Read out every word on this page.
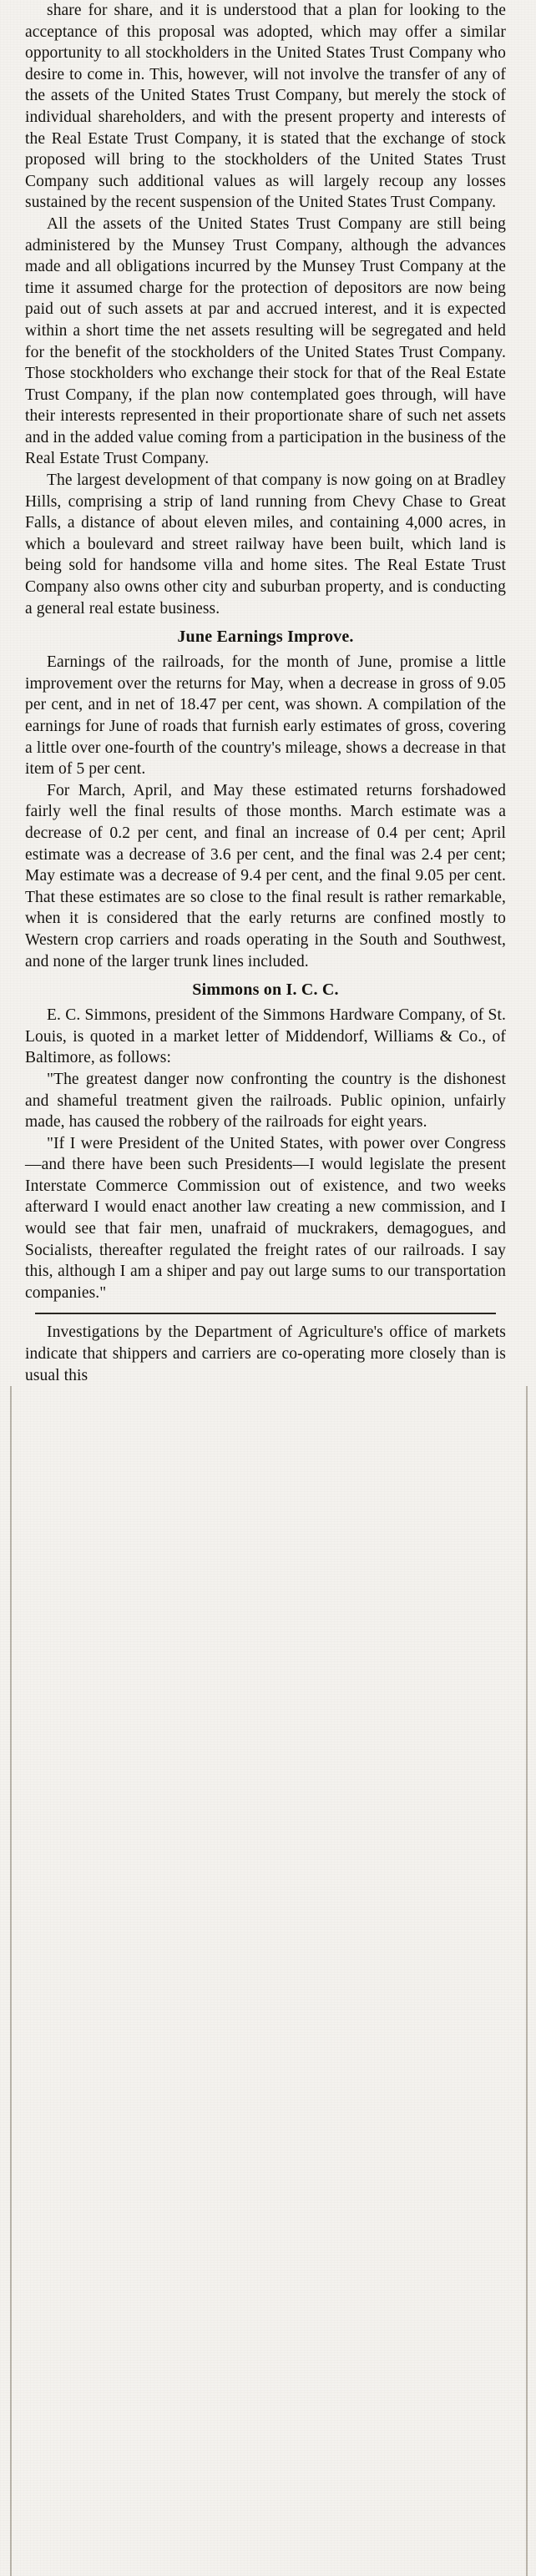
share for share, and it is understood that a plan for looking to the acceptance of this proposal was adopted, which may offer a similar opportunity to all stockholders in the United States Trust Company who desire to come in. This, however, will not involve the transfer of any of the assets of the United States Trust Company, but merely the stock of individual shareholders, and with the present property and interests of the Real Estate Trust Company, it is stated that the exchange of stock proposed will bring to the stockholders of the United States Trust Company such additional values as will largely recoup any losses sustained by the recent suspension of the United States Trust Company.

All the assets of the United States Trust Company are still being administered by the Munsey Trust Company, although the advances made and all obligations incurred by the Munsey Trust Company at the time it assumed charge for the protection of depositors are now being paid out of such assets at par and accrued interest, and it is expected within a short time the net assets resulting will be segregated and held for the benefit of the stockholders of the United States Trust Company. Those stockholders who exchange their stock for that of the Real Estate Trust Company, if the plan now contemplated goes through, will have their interests represented in their proportionate share of such net assets and in the added value coming from a participation in the business of the Real Estate Trust Company.

The largest development of that company is now going on at Bradley Hills, comprising a strip of land running from Chevy Chase to Great Falls, a distance of about eleven miles, and containing 4,000 acres, in which a boulevard and street railway have been built, which land is being sold for handsome villa and home sites. The Real Estate Trust Company also owns other city and suburban property, and is conducting a general real estate business.

June Earnings Improve.

Earnings of the railroads, for the month of June, promise a little improvement over the returns for May, when a decrease in gross of 9.05 per cent, and in net of 18.47 per cent, was shown. A compilation of the earnings for June of roads that furnish early estimates of gross, covering a little over one-fourth of the country's mileage, shows a decrease in that item of 5 per cent.

For March, April, and May these estimated returns forshadowed fairly well the final results of those months. March estimate was a decrease of 0.2 per cent, and final an increase of 0.4 per cent; April estimate was a decrease of 3.6 per cent, and the final was 2.4 per cent; May estimate was a decrease of 9.4 per cent, and the final 9.05 per cent. That these estimates are so close to the final result is rather remarkable, when it is considered that the early returns are confined mostly to Western crop carriers and roads operating in the South and Southwest, and none of the larger trunk lines included.

Simmons on I. C. C.

E. C. Simmons, president of the Simmons Hardware Company, of St. Louis, is quoted in a market letter of Middendorf, Williams & Co., of Baltimore, as follows:

"The greatest danger now confronting the country is the dishonest and shameful treatment given the railroads. Public opinion, unfairly made, has caused the robbery of the railroads for eight years.

"If I were President of the United States, with power over Congress—and there have been such Presidents—I would legislate the present Interstate Commerce Commission out of existence, and two weeks afterward I would enact another law creating a new commission, and I would see that fair men, unafraid of muckrakers, demagogues, and Socialists, thereafter regulated the freight rates of our railroads. I say this, although I am a shiper and pay out large sums to our transportation companies."

Investigations by the Department of Agriculture's office of markets indicate that shippers and carriers are co-operating more closely than is usual this
